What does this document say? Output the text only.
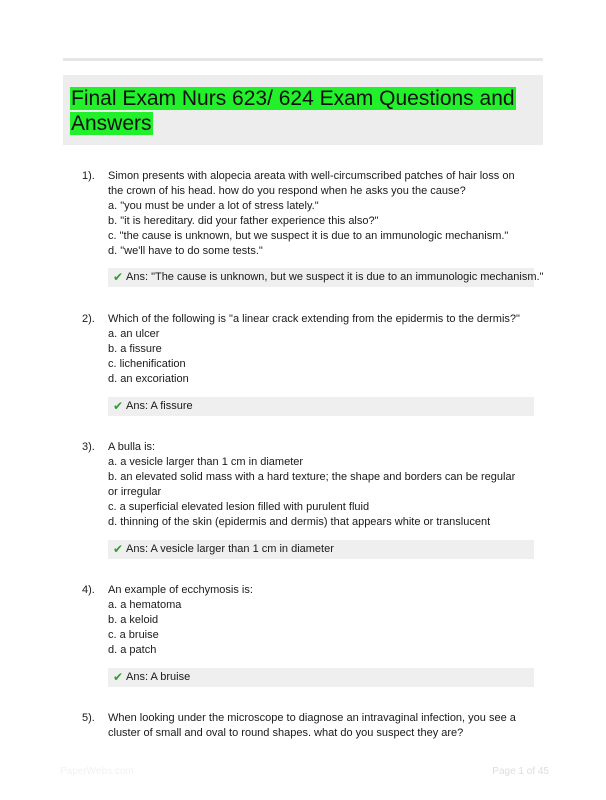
Final Exam Nurs 623/ 624 Exam Questions and Answers
1). Simon presents with alopecia areata with well-circumscribed patches of hair loss on the crown of his head. how do you respond when he asks you the cause?
a. "you must be under a lot of stress lately."
b. "it is hereditary. did your father experience this also?"
c. "the cause is unknown, but we suspect it is due to an immunologic mechanism."
d. "we'll have to do some tests."
✔ Ans: "The cause is unknown, but we suspect it is due to an immunologic mechanism."
2). Which of the following is "a linear crack extending from the epidermis to the dermis?"
a. an ulcer
b. a fissure
c. lichenification
d. an excoriation
✔ Ans: A fissure
3). A bulla is:
a. a vesicle larger than 1 cm in diameter
b. an elevated solid mass with a hard texture; the shape and borders can be regular or irregular
c. a superficial elevated lesion filled with purulent fluid
d. thinning of the skin (epidermis and dermis) that appears white or translucent
✔ Ans: A vesicle larger than 1 cm in diameter
4). An example of ecchymosis is:
a. a hematoma
b. a keloid
c. a bruise
d. a patch
✔ Ans: A bruise
5). When looking under the microscope to diagnose an intravaginal infection, you see a cluster of small and oval to round shapes. what do you suspect they are?
PaperWebs.com	Page 1 of 45
